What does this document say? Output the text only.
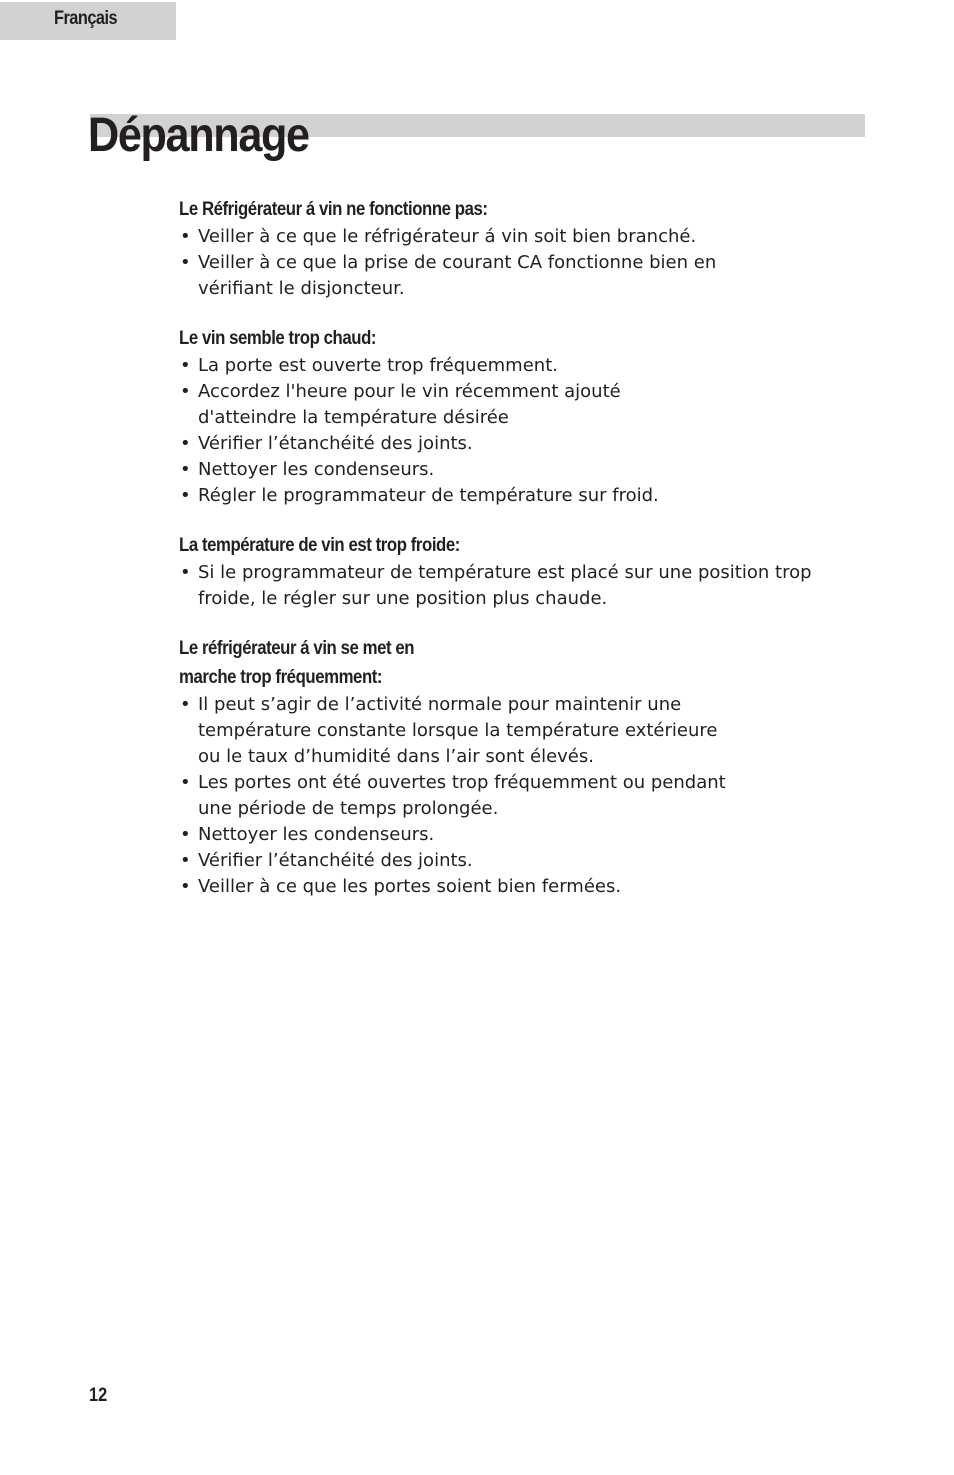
Français
Dépannage
Le Réfrigérateur á vin ne fonctionne pas:
• Veiller à ce que le réfrigérateur á vin soit bien branché.
• Veiller à ce que la prise de courant CA fonctionne bien en
vérifiant le disjoncteur.
Le vin semble trop chaud:
• La porte est ouverte trop fréquemment.
• Accordez l'heure pour le vin récemment ajouté
d'atteindre la température désirée
• Vérifier l’étanchéité des joints.
• Nettoyer les condenseurs.
• Régler le programmateur de température sur froid.
La température de vin est trop froide:
• Si le programmateur de température est placé sur une position trop
froide, le régler sur une position plus chaude.
Le réfrigérateur á vin se met en
marche trop fréquemment:
• Il peut s’agir de l’activité normale pour maintenir une
température constante lorsque la température extérieure
ou le taux d’humidité dans l’air sont élevés.
• Les portes ont été ouvertes trop fréquemment ou pendant
une période de temps prolongée.
• Nettoyer les condenseurs.
• Vérifier l’étanchéité des joints.
• Veiller à ce que les portes soient bien fermées.
12
